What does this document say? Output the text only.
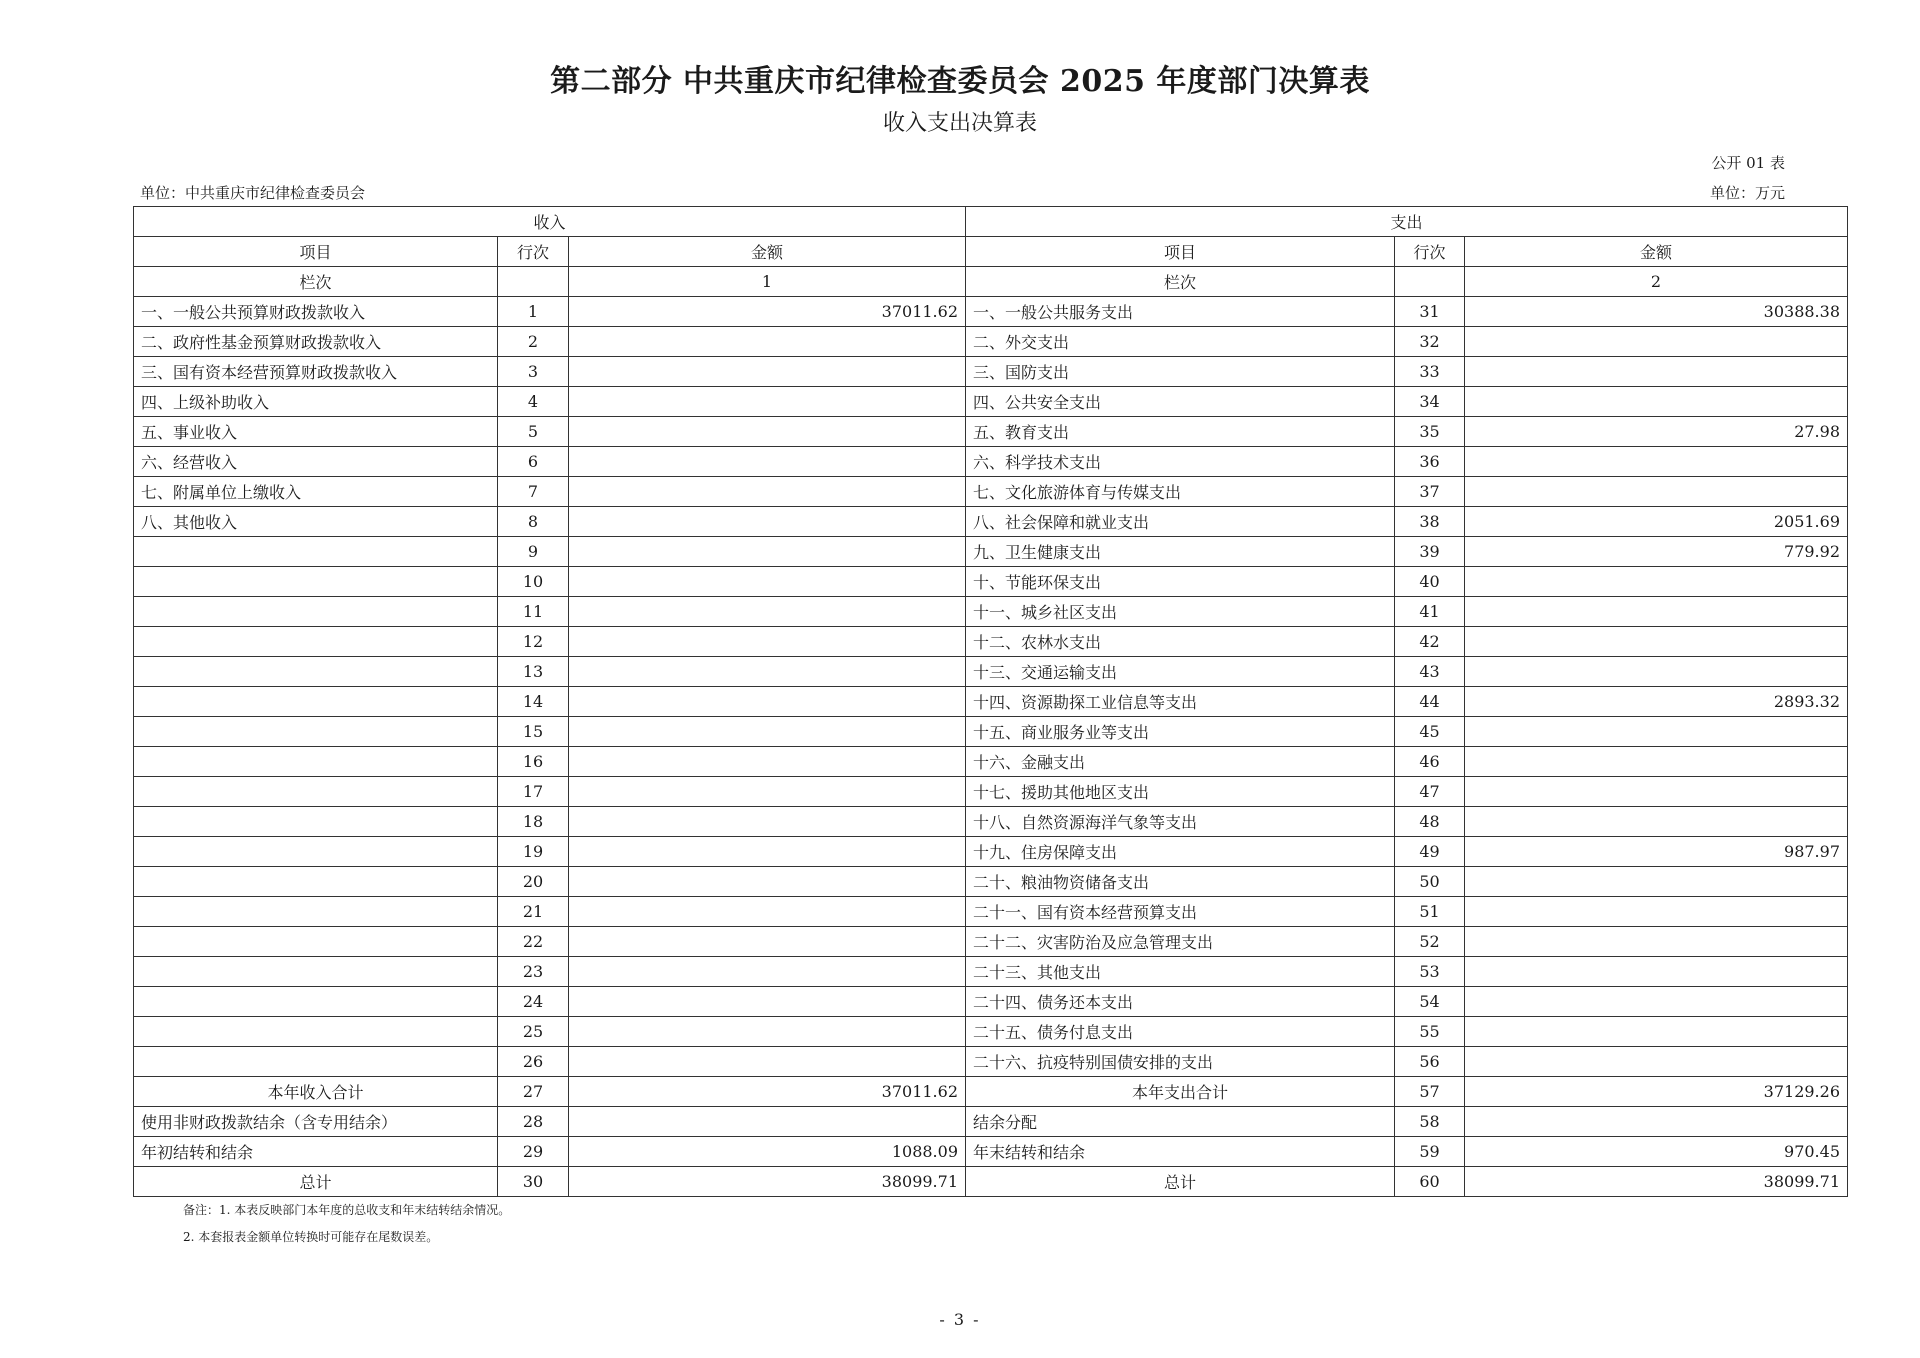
第二部分 中共重庆市纪律检查委员会 2025 年度部门决算表
收入支出决算表
公开 01 表
单位：中共重庆市纪律检查委员会	单位：万元
收入			支出		
项目	行次	金额	项目	行次	金额
栏次		1	栏次		2
一、一般公共预算财政拨款收入	1	37011.62	一、一般公共服务支出	31	30388.38
二、政府性基金预算财政拨款收入	2		二、外交支出	32	
三、国有资本经营预算财政拨款收入	3		三、国防支出	33	
四、上级补助收入	4		四、公共安全支出	34	
五、事业收入	5		五、教育支出	35	27.98
六、经营收入	6		六、科学技术支出	36	
七、附属单位上缴收入	7		七、文化旅游体育与传媒支出	37	
八、其他收入	8		八、社会保障和就业支出	38	2051.69
	9		九、卫生健康支出	39	779.92
	10		十、节能环保支出	40	
	11		十一、城乡社区支出	41	
	12		十二、农林水支出	42	
	13		十三、交通运输支出	43	
	14		十四、资源勘探工业信息等支出	44	2893.32
	15		十五、商业服务业等支出	45	
	16		十六、金融支出	46	
	17		十七、援助其他地区支出	47	
	18		十八、自然资源海洋气象等支出	48	
	19		十九、住房保障支出	49	987.97
	20		二十、粮油物资储备支出	50	
	21		二十一、国有资本经营预算支出	51	
	22		二十二、灾害防治及应急管理支出	52	
	23		二十三、其他支出	53	
	24		二十四、债务还本支出	54	
	25		二十五、债务付息支出	55	
	26		二十六、抗疫特别国债安排的支出	56	
本年收入合计	27	37011.62	本年支出合计	57	37129.26
使用非财政拨款结余（含专用结余）	28		结余分配	58	
年初结转和结余	29	1088.09	年末结转和结余	59	970.45
总计	30	38099.71	总计	60	38099.71
备注：1. 本表反映部门本年度的总收支和年末结转结余情况。
2. 本套报表金额单位转换时可能存在尾数误差。
- 3 -
